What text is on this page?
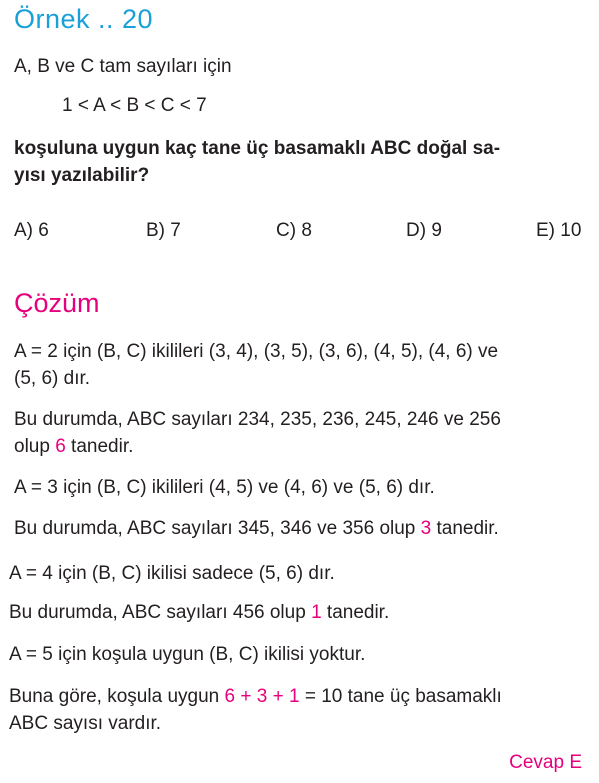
Örnek .. 20
A, B ve C tam sayıları için
1 < A < B < C < 7
koşuluna uygun kaç tane üç basamaklı ABC doğal sa-
yısı yazılabilir?
A) 6	B) 7	C) 8	D) 9	E) 10
Çözüm
A = 2 için (B, C) ikilileri (3, 4), (3, 5), (3, 6), (4, 5), (4, 6) ve
(5, 6) dır.
Bu durumda, ABC sayıları 234, 235, 236, 245, 246 ve 256
olup 6 tanedir.
A = 3 için (B, C) ikilileri (4, 5) ve (4, 6) ve (5, 6) dır.
Bu durumda, ABC sayıları 345, 346 ve 356 olup 3 tanedir.
A = 4 için (B, C) ikilisi sadece (5, 6) dır.
Bu durumda, ABC sayıları 456 olup 1 tanedir.
A = 5 için koşula uygun (B, C) ikilisi yoktur.
Buna göre, koşula uygun 6 + 3 + 1 = 10 tane üç basamaklı
ABC sayısı vardır.
Cevap E
